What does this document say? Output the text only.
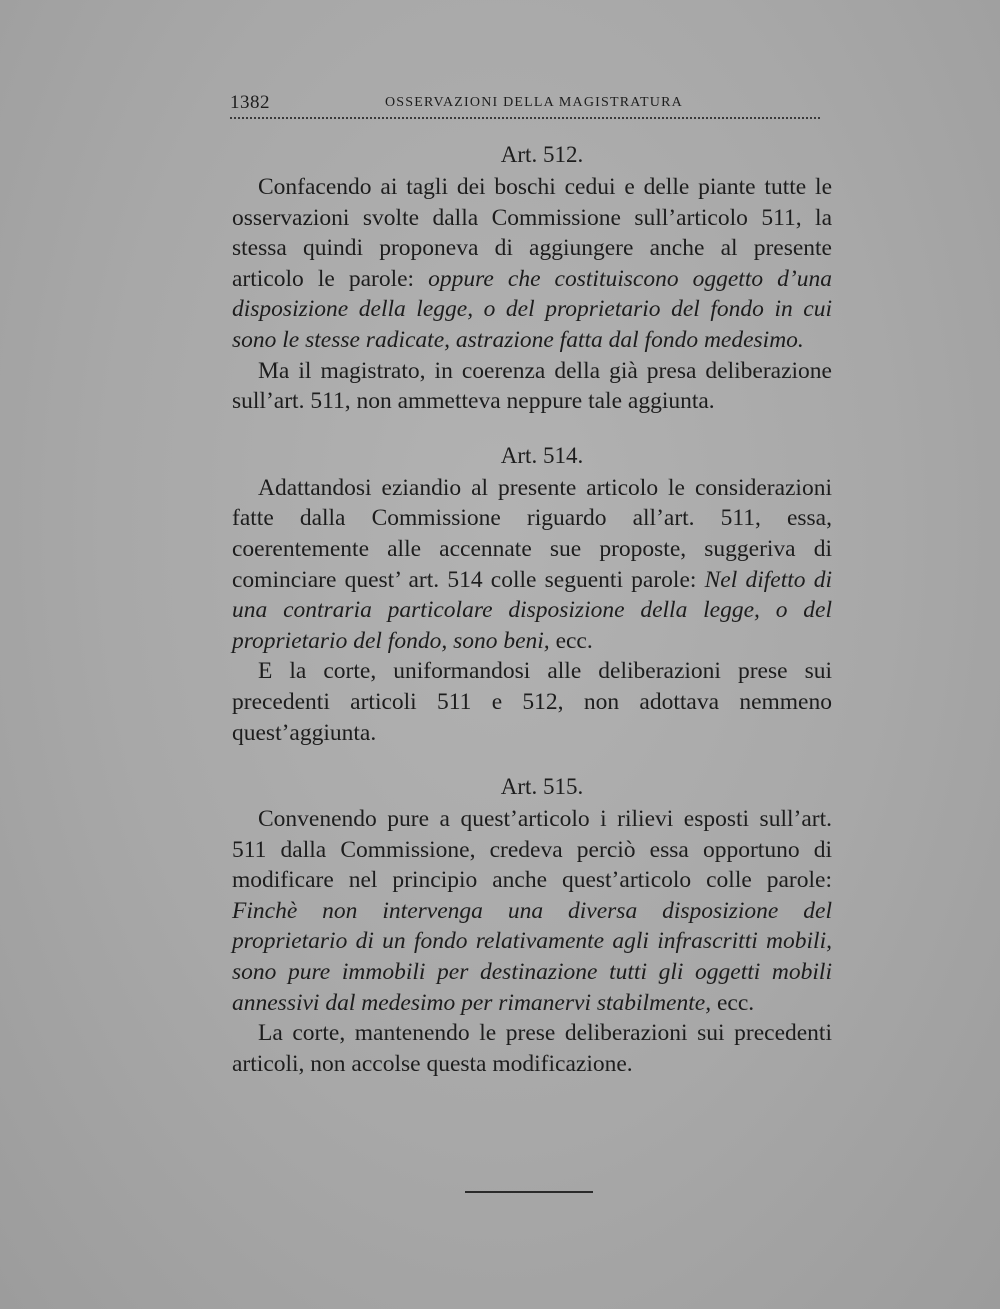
1382	OSSERVAZIONI DELLA MAGISTRATURA

Art. 512.

Confacendo ai tagli dei boschi cedui e delle piante tutte le osservazioni svolte dalla Commissione sull’articolo 511, la stessa quindi proponeva di aggiungere anche al presente articolo le parole: oppure che costituiscono oggetto d’una disposizione della legge, o del proprietario del fondo in cui sono le stesse radicate, astrazione fatta dal fondo medesimo.

Ma il magistrato, in coerenza della già presa deliberazione sull’art. 511, non ammetteva neppure tale aggiunta.

Art. 514.

Adattandosi eziandio al presente articolo le considerazioni fatte dalla Commissione riguardo all’art. 511, essa, coerentemente alle accennate sue proposte, suggeriva di cominciare quest’ art. 514 colle seguenti parole: Nel difetto di una contraria particolare disposizione della legge, o del proprietario del fondo, sono beni, ecc.

E la corte, uniformandosi alle deliberazioni prese sui precedenti articoli 511 e 512, non adottava nemmeno quest’aggiunta.

Art. 515.

Convenendo pure a quest’articolo i rilievi esposti sull’art. 511 dalla Commissione, credeva perciò essa opportuno di modificare nel principio anche quest’articolo colle parole: Finchè non intervenga una diversa disposizione del proprietario di un fondo relativamente agli infrascritti mobili, sono pure immobili per destinazione tutti gli oggetti mobili annessivi dal medesimo per rimanervi stabilmente, ecc.

La corte, mantenendo le prese deliberazioni sui precedenti articoli, non accolse questa modificazione.
